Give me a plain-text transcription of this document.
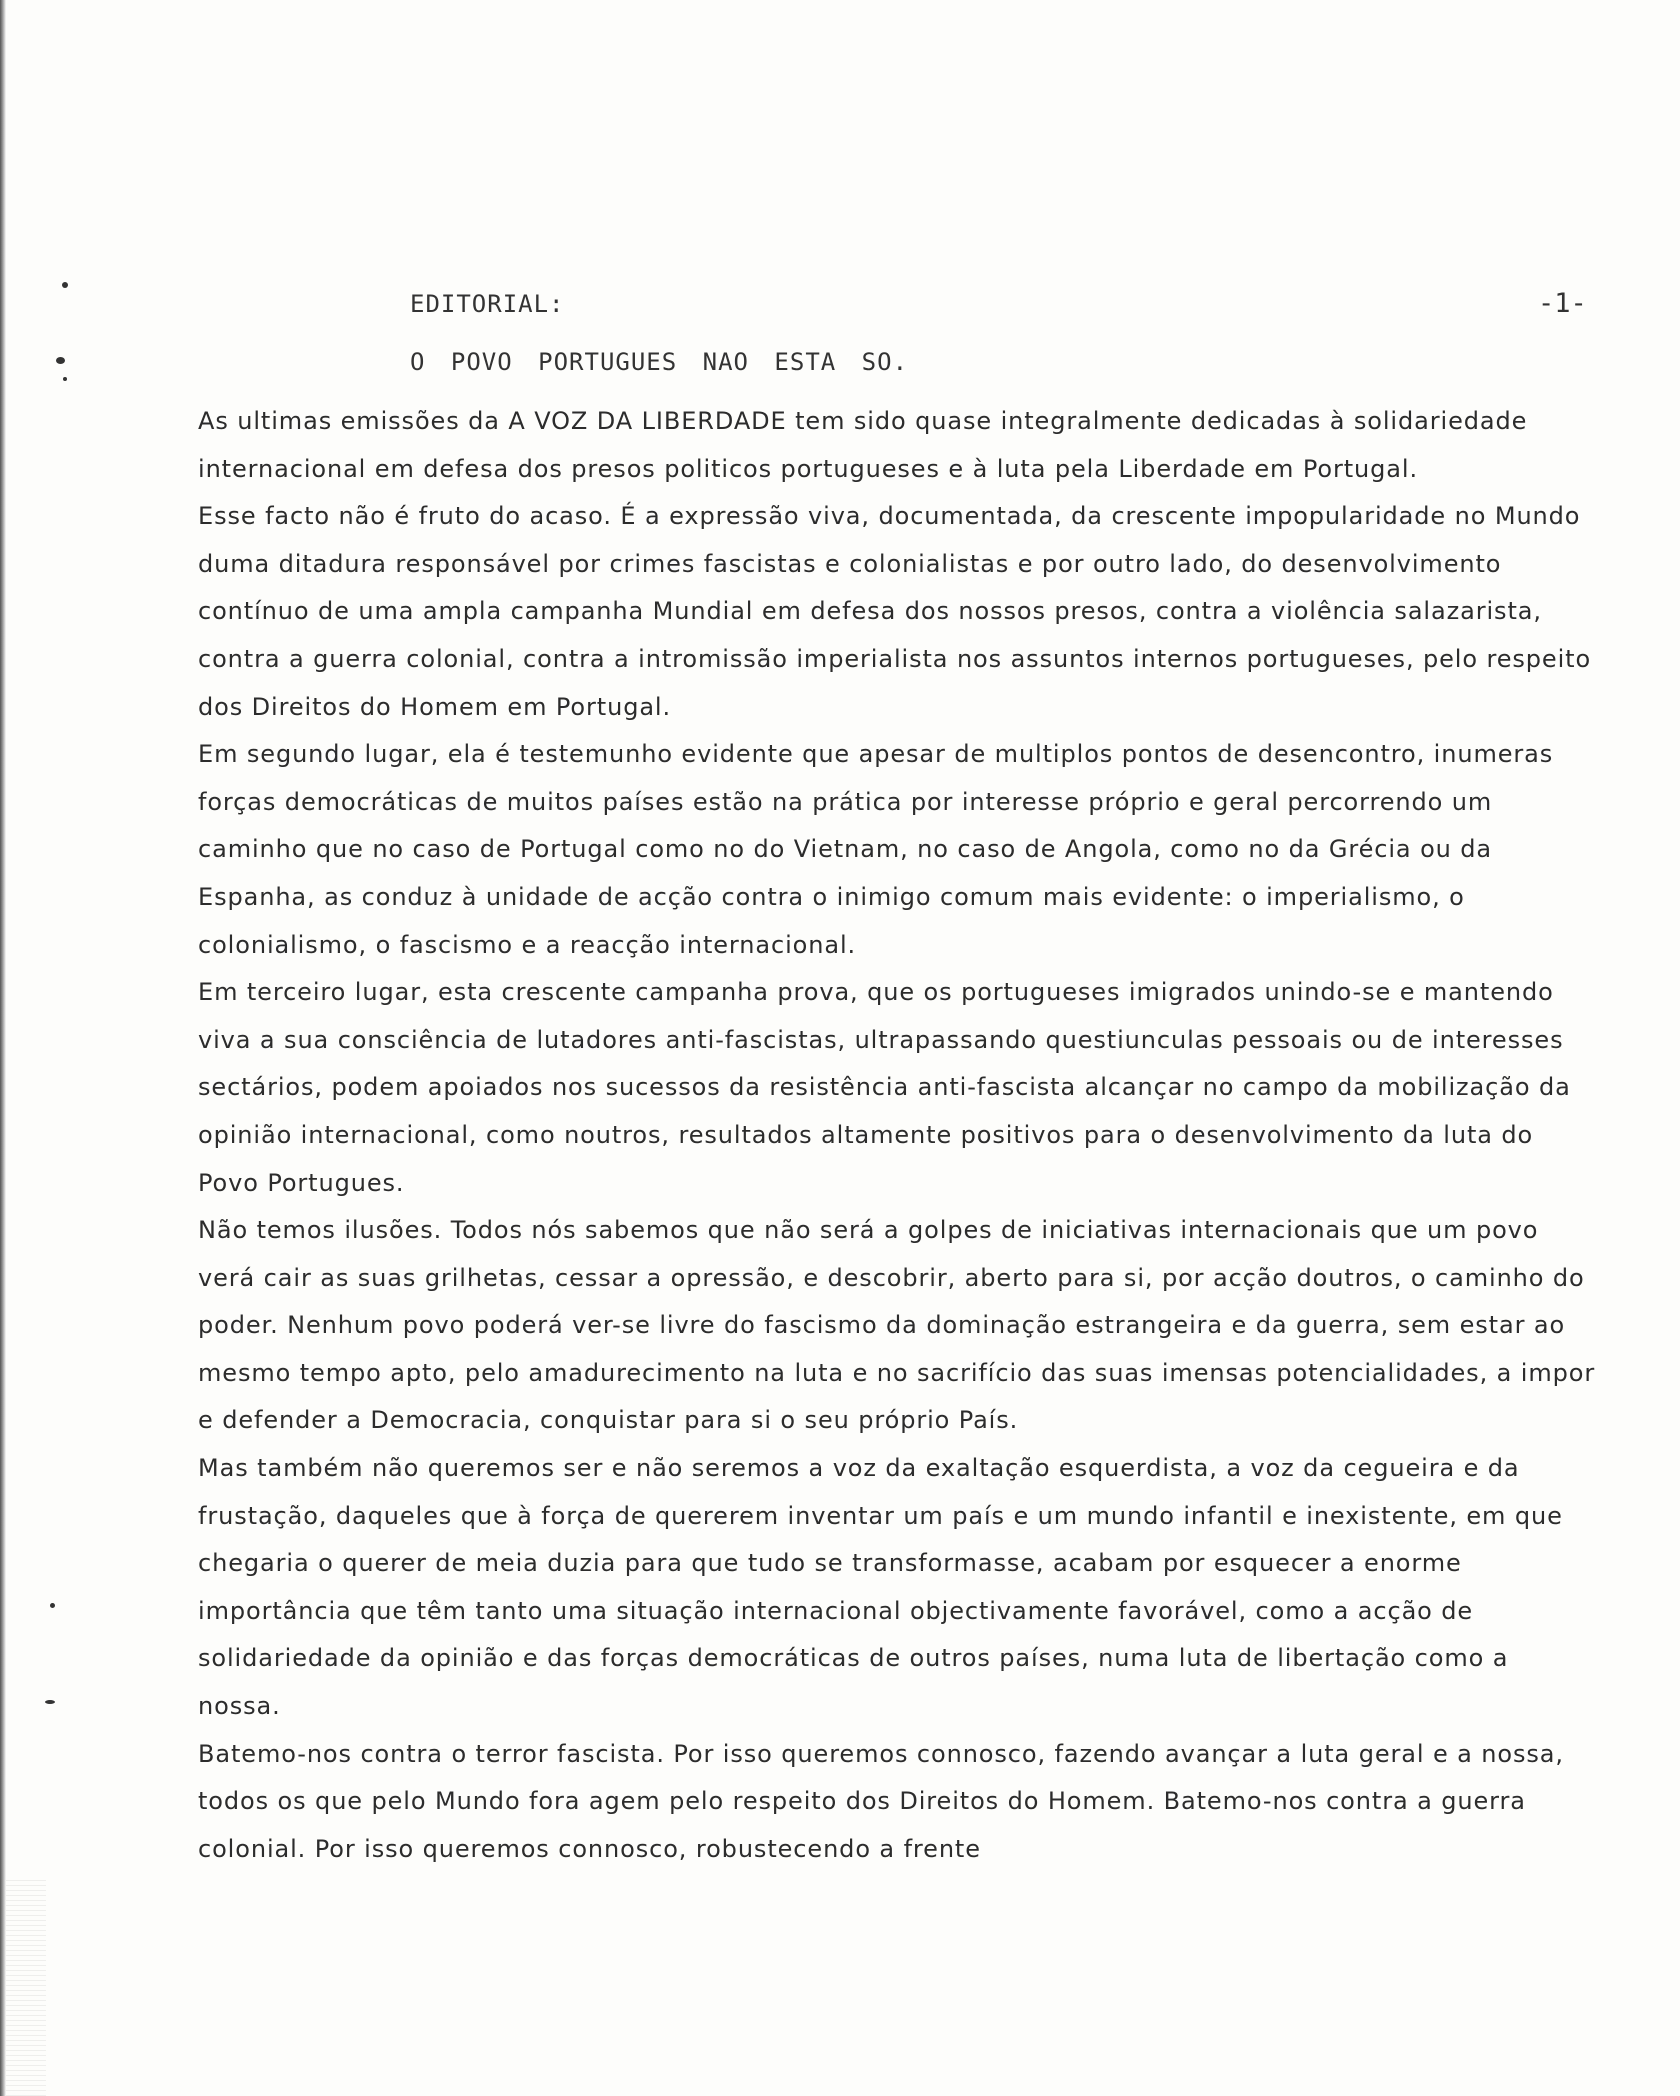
EDITORIAL:
O POVO PORTUGUES NAO ESTA SO.
-1-

As ultimas emissões da A VOZ DA LIBERDADE tem sido quase integralmente dedicadas à solidariedade internacional em defesa dos presos politicos portugueses e à luta pela Liberdade em Portugal.

Esse facto não é fruto do acaso. É a expressão viva, documentada, da crescente impopularidade no Mundo duma ditadura responsável por crimes fascistas e colonialistas e por outro lado, do desenvolvimento contínuo de uma ampla campanha Mundial em defesa dos nossos presos, contra a violência salazarista, contra a guerra colonial, contra a intromissão imperialista nos assuntos internos portugueses, pelo respeito dos Direitos do Homem em Portugal.

Em segundo lugar, ela é testemunho evidente que apesar de multiplos pontos de desencontro, inumeras forças democráticas de muitos países estão na prática por interesse próprio e geral percorrendo um caminho que no caso de Portugal como no do Vietnam, no caso de Angola, como no da Grécia ou da Espanha, as conduz à unidade de acção contra o inimigo comum mais evidente: o imperialismo, o colonialismo, o fascismo e a reacção internacional.

Em terceiro lugar, esta crescente campanha prova, que os portugueses imigrados unindo-se e mantendo viva a sua consciência de lutadores anti-fascistas, ultrapassando questiunculas pessoais ou de interesses sectários, podem apoiados nos sucessos da resistência anti-fascista alcançar no campo da mobilização da opinião internacional, como noutros, resultados altamente positivos para o desenvolvimento da luta do Povo Portugues.

Não temos ilusões. Todos nós sabemos que não será a golpes de iniciativas internacionais que um povo verá cair as suas grilhetas, cessar a opressão, e descobrir, aberto para si, por acção doutros, o caminho do poder. Nenhum povo poderá ver-se livre do fascismo da dominação estrangeira e da guerra, sem estar ao mesmo tempo apto, pelo amadurecimento na luta e no sacrifício das suas imensas potencialidades, a impor e defender a Democracia, conquistar para si o seu próprio País.

Mas também não queremos ser e não seremos a voz da exaltação esquerdista, a voz da cegueira e da frustação, daqueles que à força de quererem inventar um país e um mundo infantil e inexistente, em que chegaria o querer de meia duzia para que tudo se transformasse, acabam por esquecer a enorme importância que têm tanto uma situação internacional objectivamente favorável, como a acção de solidariedade da opinião e das forças democráticas de outros países, numa luta de libertação como a nossa.

Batemo-nos contra o terror fascista. Por isso queremos connosco, fazendo avançar a luta geral e a nossa, todos os que pelo Mundo fora agem pelo respeito dos Direitos do Homem. Batemo-nos contra a guerra colonial. Por isso queremos connosco, robustecendo a frente
